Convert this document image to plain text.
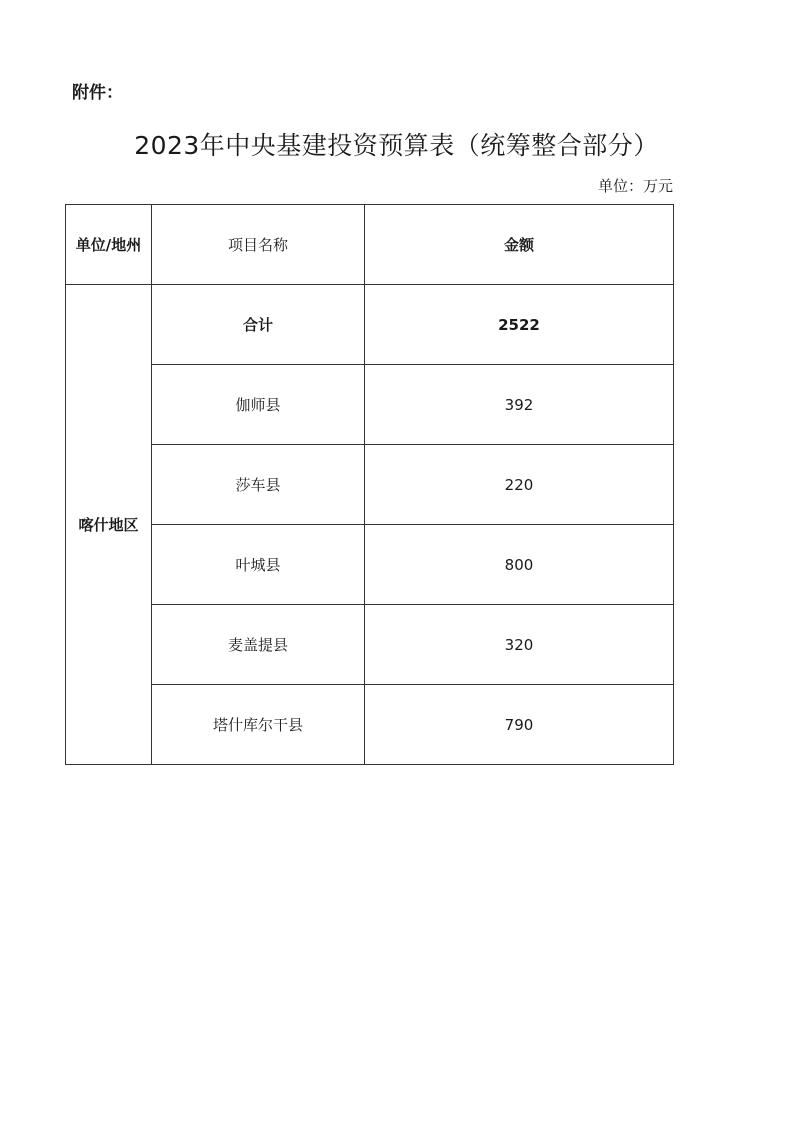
附件：
2023年中央基建投资预算表（统筹整合部分）
单位：万元
单位/地州	项目名称	金额
喀什地区	合计	2522
	伽师县	392
	莎车县	220
	叶城县	800
	麦盖提县	320
	塔什库尔干县	790
